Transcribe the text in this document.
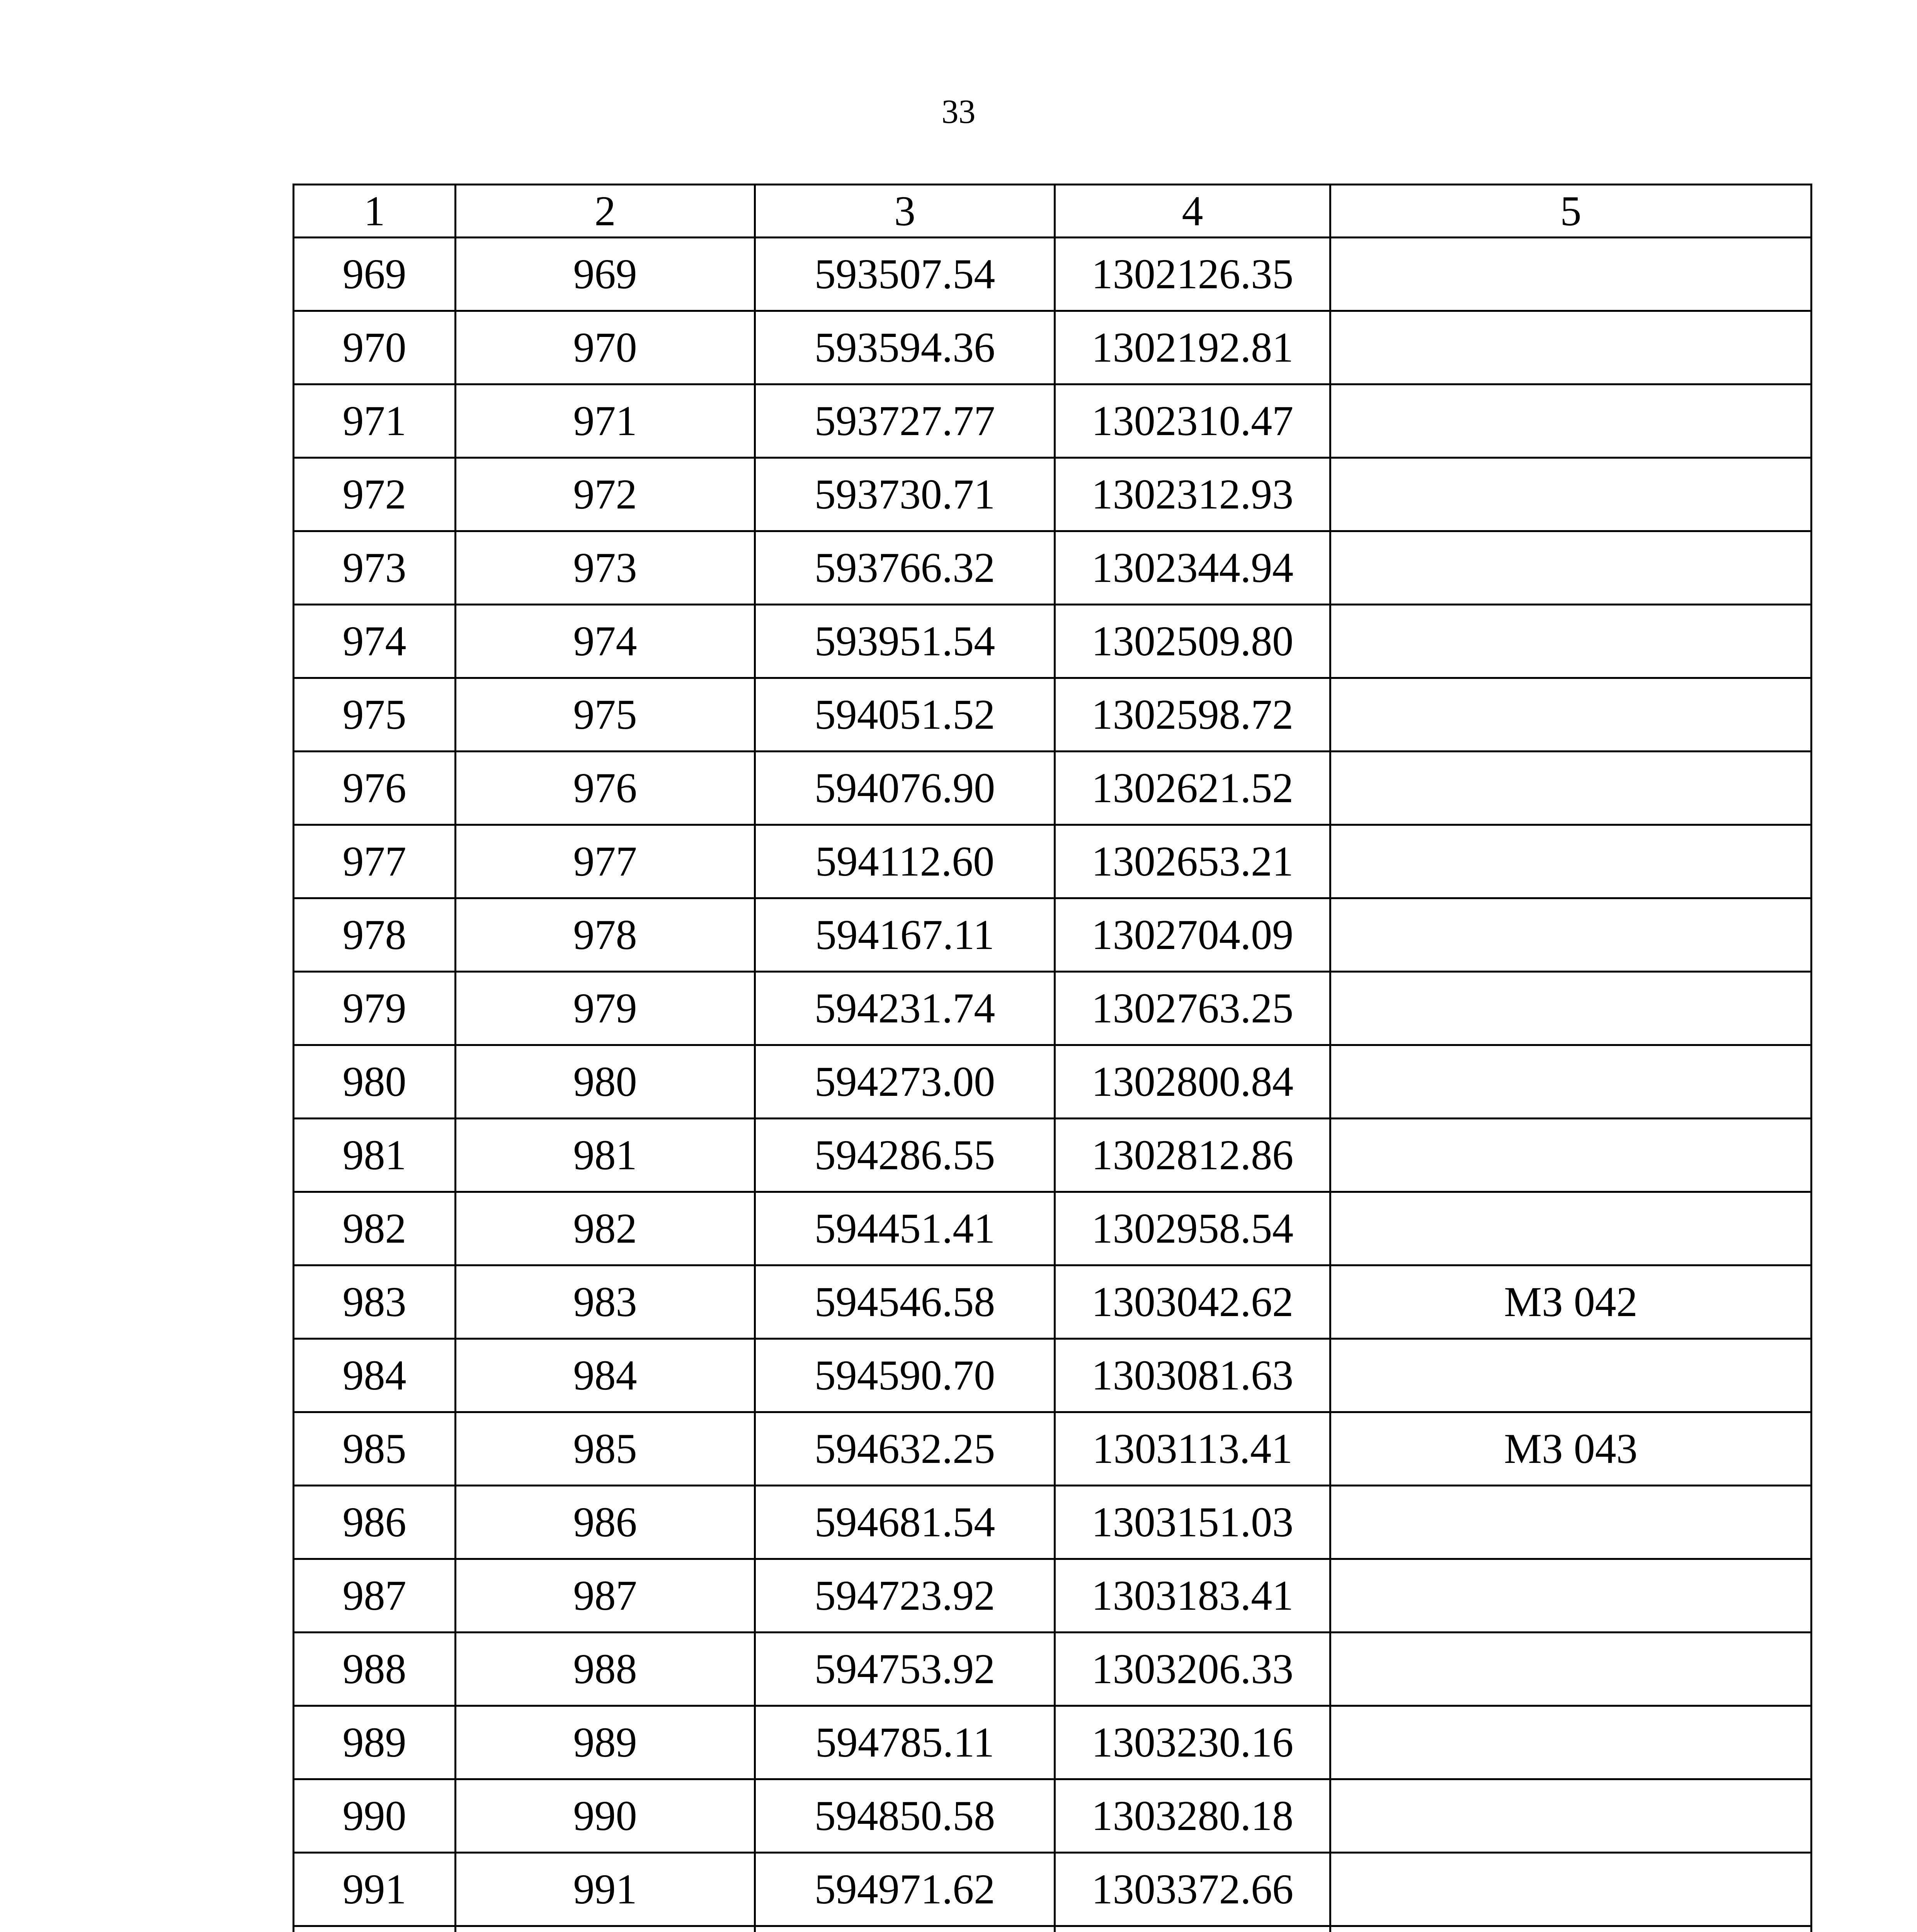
33
1	2	3	4	5
969	969	593507.54	1302126.35	
970	970	593594.36	1302192.81	
971	971	593727.77	1302310.47	
972	972	593730.71	1302312.93	
973	973	593766.32	1302344.94	
974	974	593951.54	1302509.80	
975	975	594051.52	1302598.72	
976	976	594076.90	1302621.52	
977	977	594112.60	1302653.21	
978	978	594167.11	1302704.09	
979	979	594231.74	1302763.25	
980	980	594273.00	1302800.84	
981	981	594286.55	1302812.86	
982	982	594451.41	1302958.54	
983	983	594546.58	1303042.62	МЗ 042
984	984	594590.70	1303081.63	
985	985	594632.25	1303113.41	МЗ 043
986	986	594681.54	1303151.03	
987	987	594723.92	1303183.41	
988	988	594753.92	1303206.33	
989	989	594785.11	1303230.16	
990	990	594850.58	1303280.18	
991	991	594971.62	1303372.66	
